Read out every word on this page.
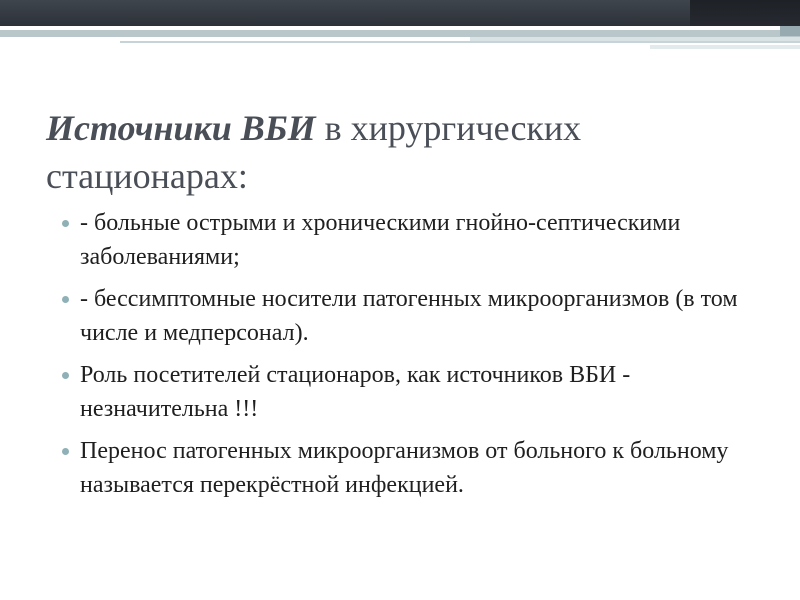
Источники ВБИ в хирургических стационарах:
- больные острыми и хроническими гнойно-септическими заболеваниями;
- бессимптомные носители патогенных микроорганизмов (в том числе и медперсонал).
Роль посетителей стационаров, как источников ВБИ - незначительна !!!
Перенос патогенных микроорганизмов от больного к больному называется перекрёстной инфекцией.
